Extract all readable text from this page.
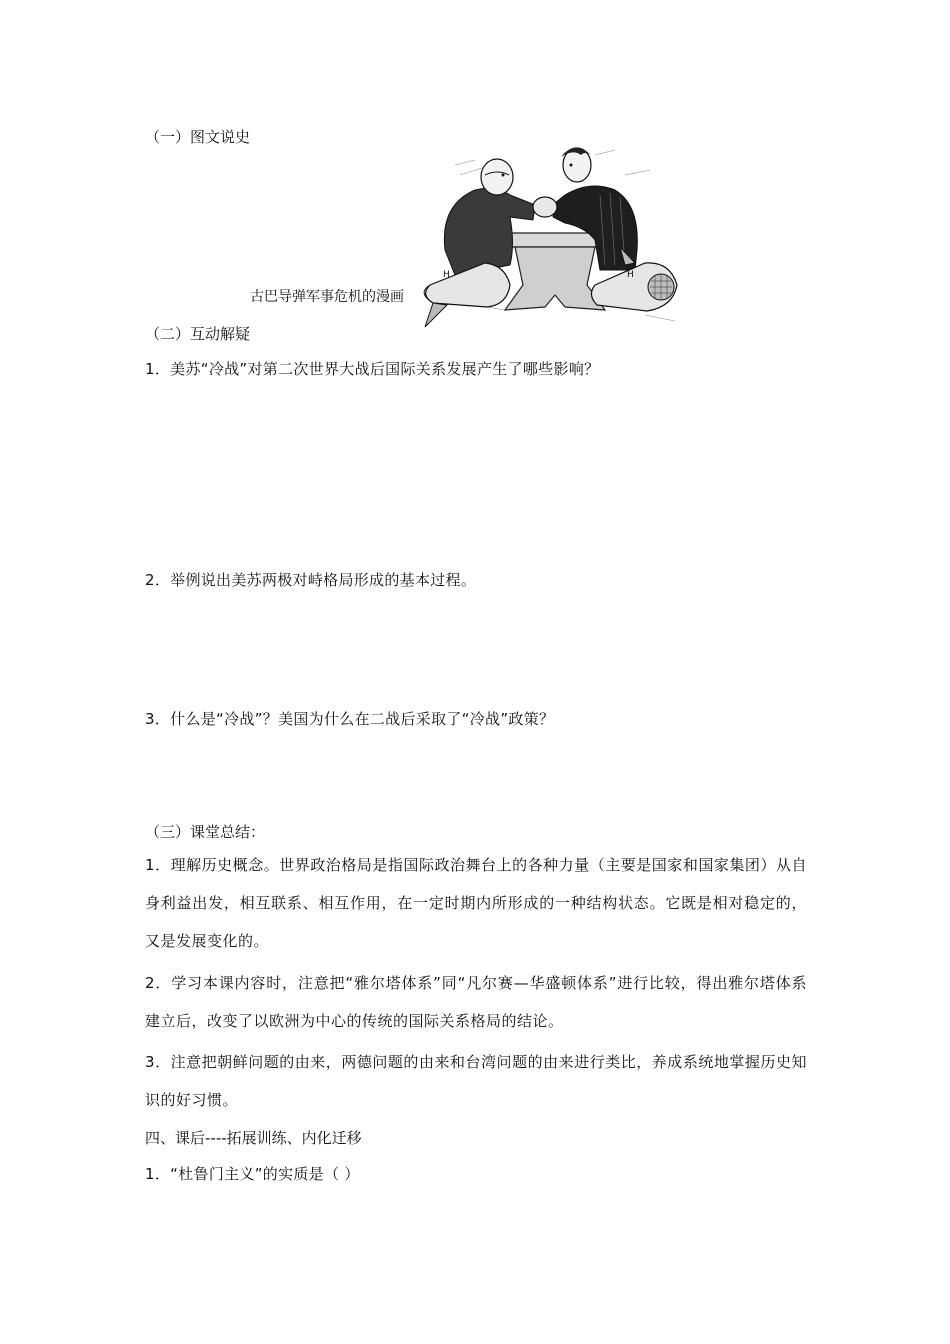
（一）图文说史
H	H
古巴导弹军事危机的漫画
（二）互动解疑
1．美苏“冷战”对第二次世界大战后国际关系发展产生了哪些影响？
2．举例说出美苏两极对峙格局形成的基本过程。
3．什么是“冷战”？美国为什么在二战后采取了“冷战”政策？
（三）课堂总结：
1．理解历史概念。世界政治格局是指国际政治舞台上的各种力量（主要是国家和国家集团）从自身利益出发，相互联系、相互作用，在一定时期内所形成的一种结构状态。它既是相对稳定的，又是发展变化的。
2．学习本课内容时，注意把“雅尔塔体系”同“凡尔赛—华盛顿体系”进行比较，得出雅尔塔体系建立后，改变了以欧洲为中心的传统的国际关系格局的结论。
3．注意把朝鲜问题的由来，两德问题的由来和台湾问题的由来进行类比，养成系统地掌握历史知识的好习惯。
四、课后----拓展训练、内化迁移
1．“杜鲁门主义”的实质是（ ）
